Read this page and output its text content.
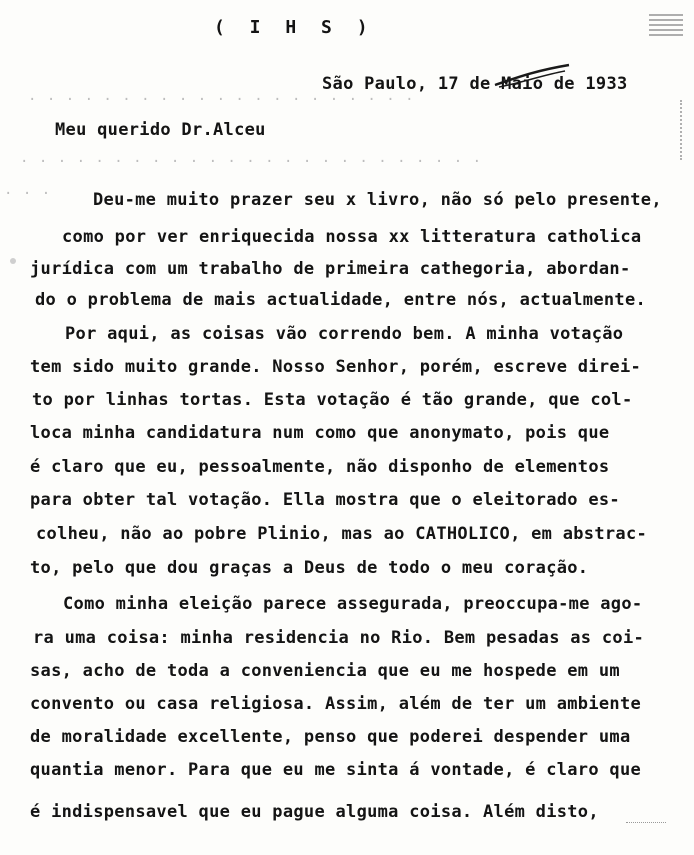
. . . . . . . . . . . . . . . . . . . . .
. . . . . . . . . . . . . . . . . . . . . . . . .
. . .
( I H S )
São Paulo, 17 de Maio de 1933
Meu querido Dr.Alceu
Deu-me muito prazer seu x livro, não só pelo presente,
como por ver enriquecida nossa xx litteratura catholica
jurídica com um trabalho de primeira cathegoria, abordan-
do o problema de mais actualidade, entre nós, actualmente.
Por aqui, as coisas vão correndo bem. A minha votação
tem sido muito grande. Nosso Senhor, porém, escreve direi-
to por linhas tortas. Esta votação é tão grande, que col-
loca minha candidatura num como que anonymato, pois que
é claro que eu, pessoalmente, não disponho de elementos
para obter tal votação. Ella mostra que o eleitorado es-
colheu, não ao pobre Plinio, mas ao CATHOLICO, em abstrac-
to, pelo que dou graças a Deus de todo o meu coração.
Como minha eleição parece assegurada, preoccupa-me ago-
ra uma coisa: minha residencia no Rio. Bem pesadas as coi-
sas, acho de toda a conveniencia que eu me hospede em um
convento ou casa religiosa. Assim, além de ter um ambiente
de moralidade excellente, penso que poderei despender uma
quantia menor. Para que eu me sinta á vontade, é claro que
é indispensavel que eu pague alguma coisa. Além disto,
